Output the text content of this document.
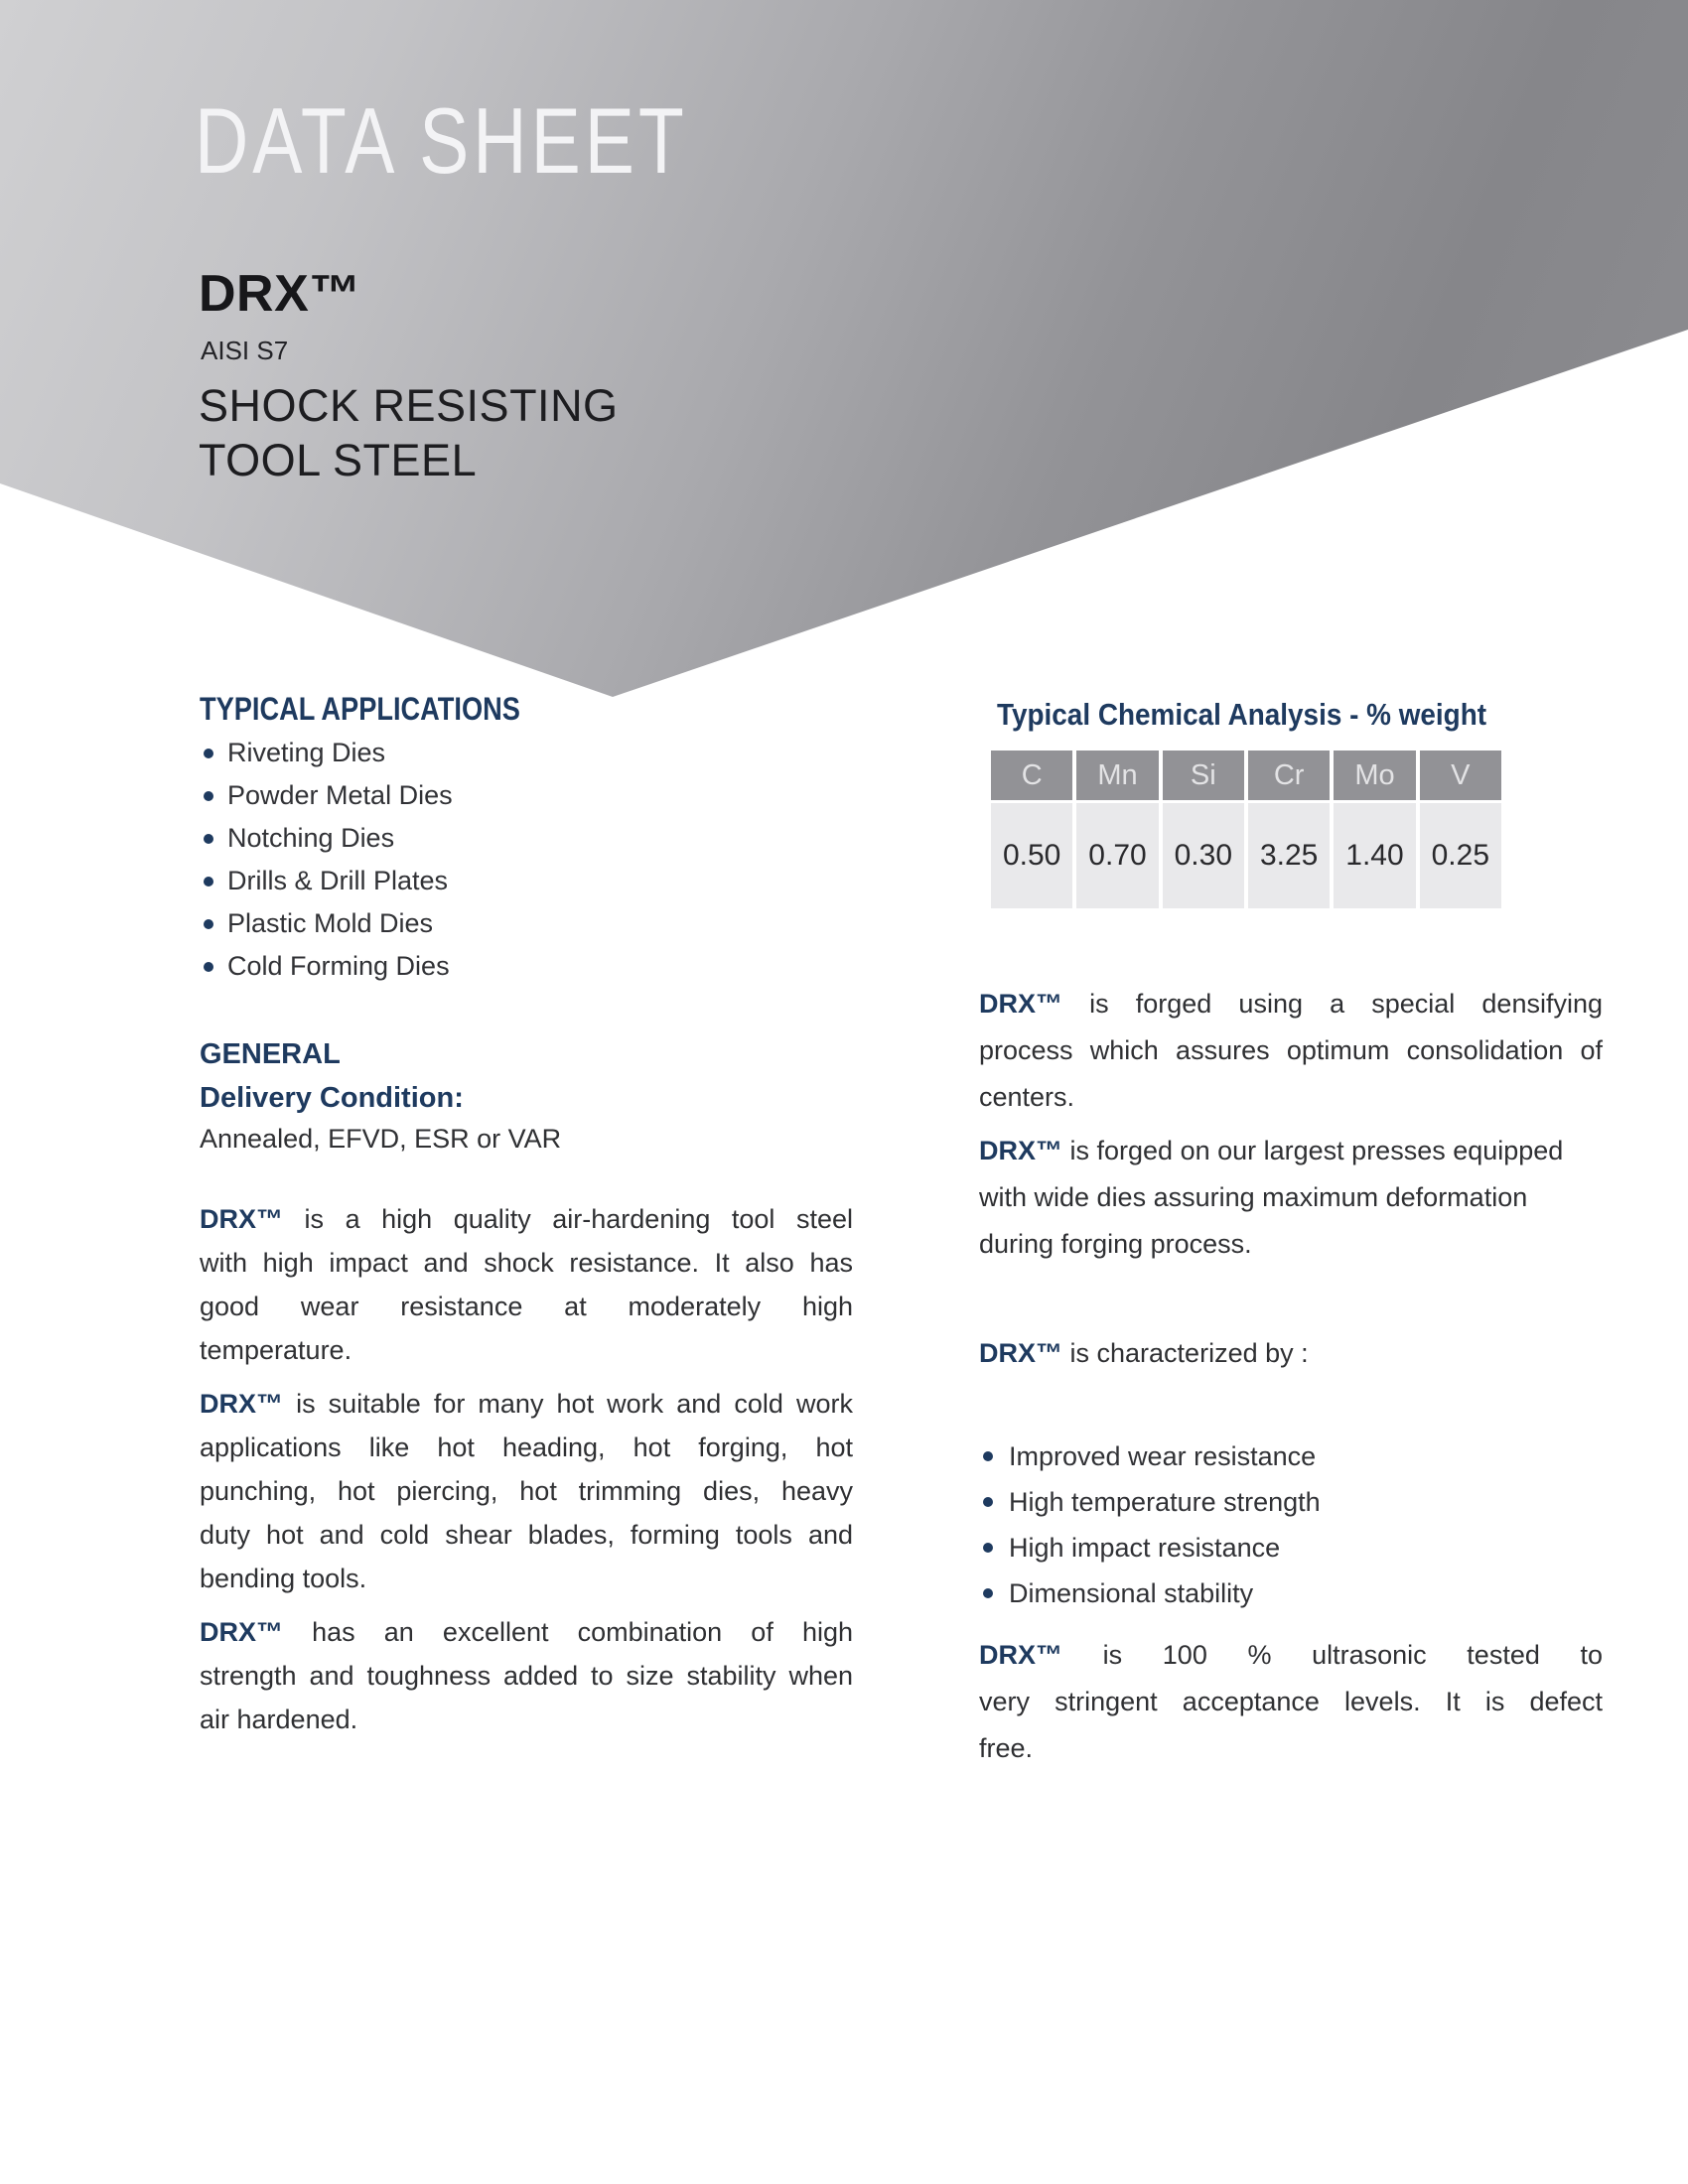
DATA SHEET
DRX™
AISI S7
SHOCK RESISTING
TOOL STEEL
TYPICAL APPLICATIONS
Riveting Dies
Powder Metal Dies
Notching Dies
Drills & Drill Plates
Plastic Mold Dies
Cold Forming Dies
GENERAL
Delivery Condition:
Annealed, EFVD, ESR or VAR
DRX™ is a high quality air-hardening tool steel
with high impact and shock resistance. It also has
good wear resistance at moderately high
temperature.
DRX™ is suitable for many hot work and cold work
applications like hot heading, hot forging, hot
punching, hot piercing, hot trimming dies, heavy
duty hot and cold shear blades, forming tools and
bending tools.
DRX™ has an excellent combination of high
strength and toughness added to size stability when
air hardened.
Typical Chemical Analysis - % weight
C	Mn	Si	Cr	Mo	V
0.50 0.70 0.30 3.25 1.40 0.25
DRX™ is forged using a special densifying
process which assures optimum consolidation of
centers.
DRX™ is forged on our largest presses equipped
with wide dies assuring maximum deformation
during forging process.
DRX™ is characterized by :
Improved wear resistance
High temperature strength
High impact resistance
Dimensional stability
DRX™ is 100 % ultrasonic tested to
very stringent acceptance levels. It is defect
free.
